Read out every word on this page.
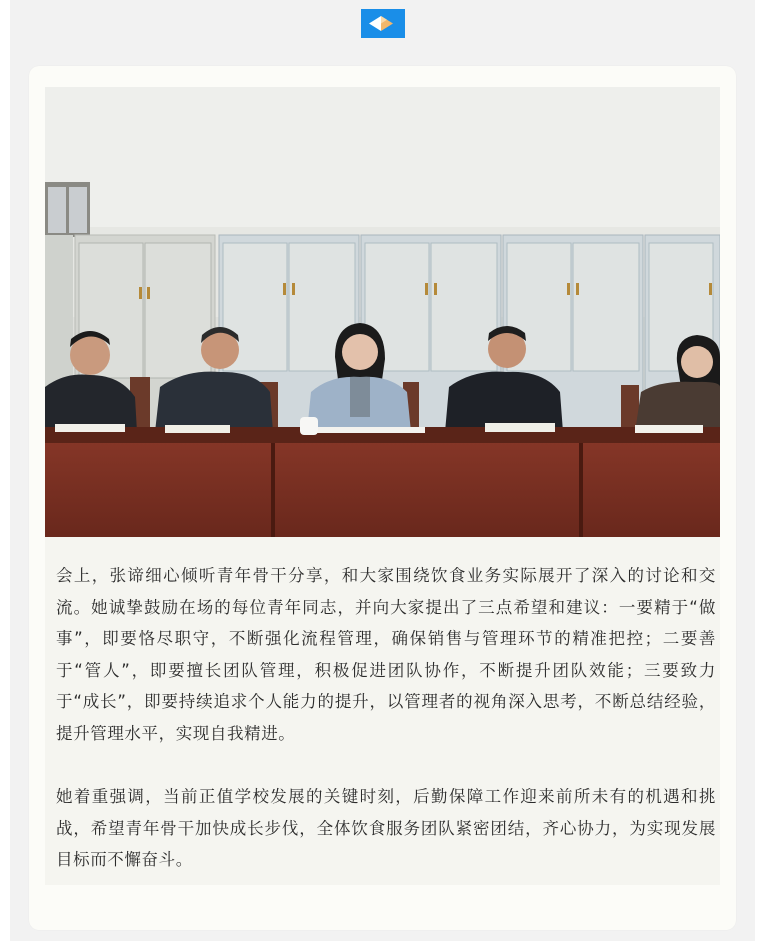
会上，张谛细心倾听青年骨干分享，和大家围绕饮食业务实际展开了深入的讨论和交流。她诚挚鼓励在场的每位青年同志，并向大家提出了三点希望和建议：一要精于“做事”，即要恪尽职守，不断强化流程管理，确保销售与管理环节的精准把控；二要善于“管人”，即要擅长团队管理，积极促进团队协作，不断提升团队效能；三要致力于“成长”，即要持续追求个人能力的提升，以管理者的视角深入思考，不断总结经验，提升管理水平，实现自我精进。

她着重强调，当前正值学校发展的关键时刻，后勤保障工作迎来前所未有的机遇和挑战，希望青年骨干加快成长步伐，全体饮食服务团队紧密团结，齐心协力，为实现发展目标而不懈奋斗。
